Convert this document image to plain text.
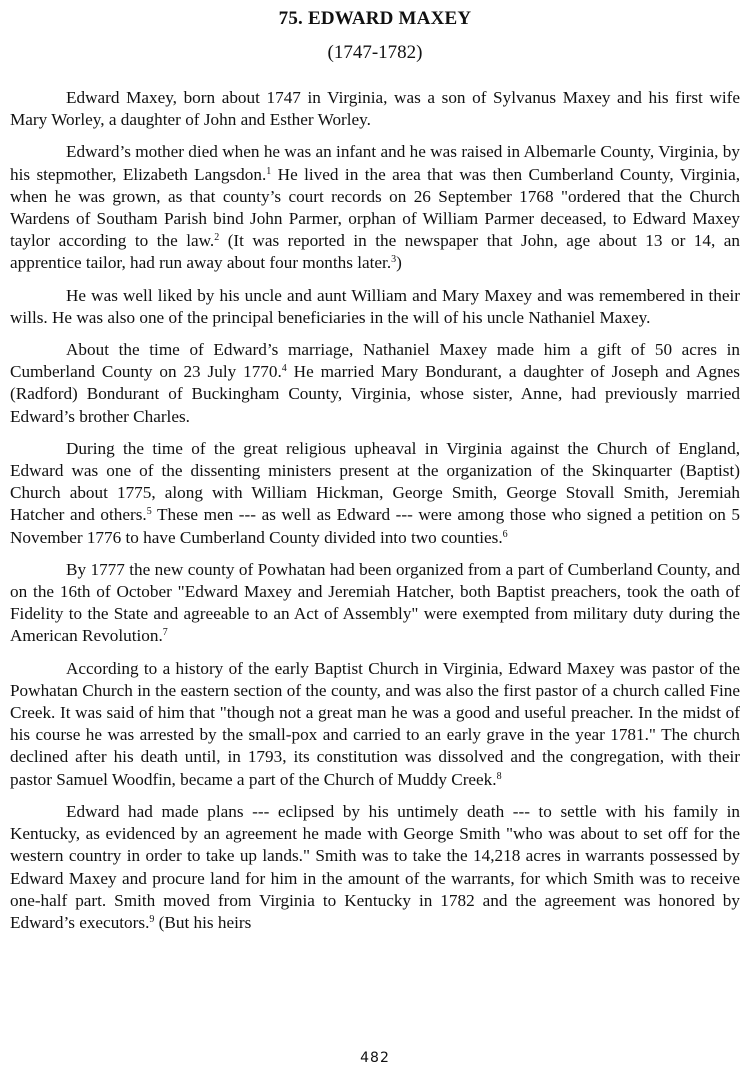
75. EDWARD MAXEY
(1747-1782)

Edward Maxey, born about 1747 in Virginia, was a son of Sylvanus Maxey and his first wife Mary Worley, a daughter of John and Esther Worley.

Edward’s mother died when he was an infant and he was raised in Albemarle County, Virginia, by his stepmother, Elizabeth Langsdon.$^1$ He lived in the area that was then Cumberland County, Virginia, when he was grown, as that county’s court records on 26 September 1768 "ordered that the Church Wardens of Southam Parish bind John Parmer, orphan of William Parmer deceased, to Edward Maxey taylor according to the law.$^2$ (It was reported in the newspaper that John, age about 13 or 14, an apprentice tailor, had run away about four months later.$^3$)

He was well liked by his uncle and aunt William and Mary Maxey and was remembered in their wills. He was also one of the principal beneficiaries in the will of his uncle Nathaniel Maxey.

About the time of Edward’s marriage, Nathaniel Maxey made him a gift of 50 acres in Cumberland County on 23 July 1770.$^4$ He married Mary Bondurant, a daughter of Joseph and Agnes (Radford) Bondurant of Buckingham County, Virginia, whose sister, Anne, had previously married Edward’s brother Charles.

During the time of the great religious upheaval in Virginia against the Church of England, Edward was one of the dissenting ministers present at the organization of the Skinquarter (Baptist) Church about 1775, along with William Hickman, George Smith, George Stovall Smith, Jeremiah Hatcher and others.$^5$ These men --- as well as Edward --- were among those who signed a petition on 5 November 1776 to have Cumberland County divided into two counties.$^6$

By 1777 the new county of Powhatan had been organized from a part of Cumberland County, and on the 16th of October "Edward Maxey and Jeremiah Hatcher, both Baptist preachers, took the oath of Fidelity to the State and agreeable to an Act of Assembly" were exempted from military duty during the American Revolution.$^7$

According to a history of the early Baptist Church in Virginia, Edward Maxey was pastor of the Powhatan Church in the eastern section of the county, and was also the first pastor of a church called Fine Creek. It was said of him that "though not a great man he was a good and useful preacher. In the midst of his course he was arrested by the small-pox and carried to an early grave in the year 1781." The church declined after his death until, in 1793, its constitution was dissolved and the congregation, with their pastor Samuel Woodfin, became a part of the Church of Muddy Creek.$^8$

Edward had made plans --- eclipsed by his untimely death --- to settle with his family in Kentucky, as evidenced by an agreement he made with George Smith "who was about to set off for the western country in order to take up lands." Smith was to take the 14,218 acres in warrants possessed by Edward Maxey and procure land for him in the amount of the warrants, for which Smith was to receive one-half part. Smith moved from Virginia to Kentucky in 1782 and the agreement was honored by Edward’s executors.$^9$ (But his heirs

482
